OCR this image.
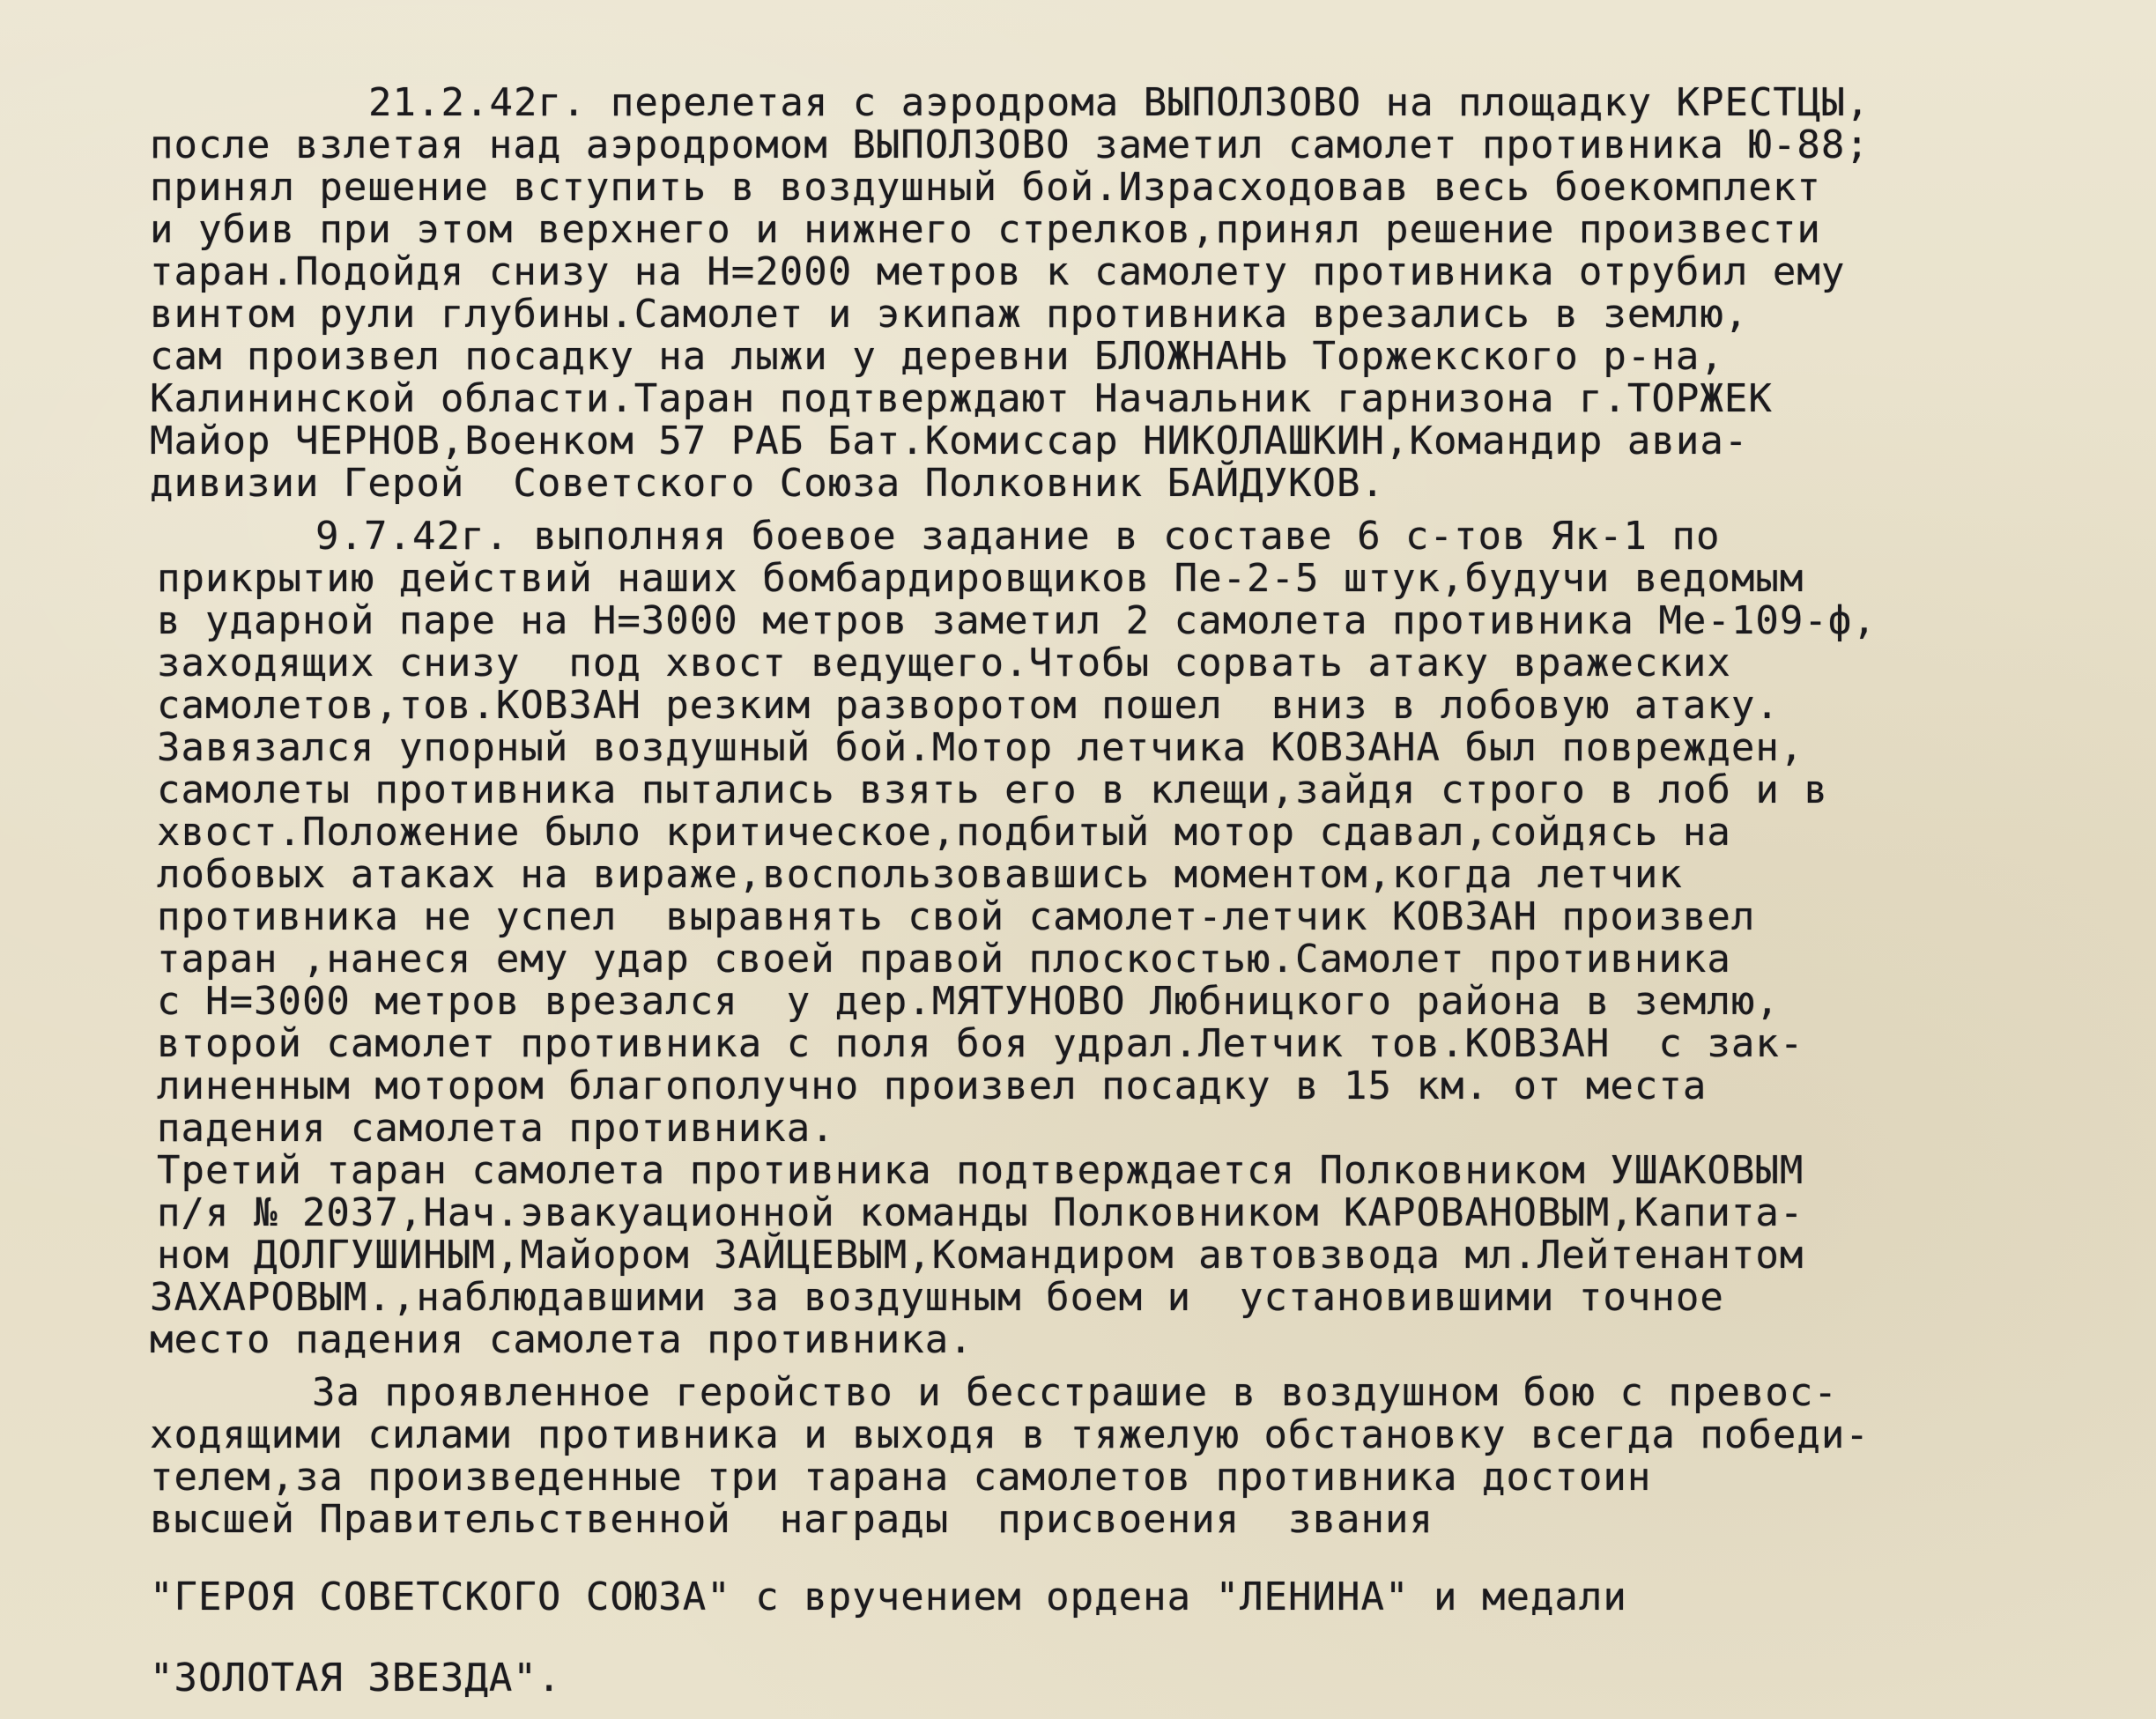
21.2.42г. перелетая с аэродрома ВЫПОЛЗОВО на площадку КРЕСТЦЫ,
после взлетая над аэродромом ВЫПОЛЗОВО заметил самолет противника Ю-88;
принял решение вступить в воздушный бой.Израсходовав весь боекомплект
и убив при этом верхнего и нижнего стрелков,принял решение произвести
таран.Подойдя снизу на Н=2000 метров к самолету противника отрубил ему
винтом рули глубины.Самолет и экипаж противника врезались в землю,
сам произвел посадку на лыжи у деревни БЛОЖНАНЬ Торжекского р-на,
Калининской области.Таран подтверждают Начальник гарнизона г.ТОРЖЕК
Майор ЧЕРНОВ,Военком 57 РАБ Бат.Комиссар НИКОЛАШКИН,Командир авиа-
дивизии Герой  Советского Союза Полковник БАЙДУКОВ.
9.7.42г. выполняя боевое задание в составе 6 с-тов Як-1 по
прикрытию действий наших бомбардировщиков Пе-2-5 штук,будучи ведомым
в ударной паре на Н=3000 метров заметил 2 самолета противника Ме-109-ф,
заходящих снизу  под хвост ведущего.Чтобы сорвать атаку вражеских
самолетов,тов.КОВЗАН резким разворотом пошел  вниз в лобовую атаку.
Завязался упорный воздушный бой.Мотор летчика КОВЗАНА был поврежден,
самолеты противника пытались взять его в клещи,зайдя строго в лоб и в
хвост.Положение было критическое,подбитый мотор сдавал,сойдясь на
лобовых атаках на вираже,воспользовавшись моментом,когда летчик
противника не успел  выравнять свой самолет-летчик КОВЗАН произвел
таран ,нанеся ему удар своей правой плоскостью.Самолет противника
с Н=3000 метров врезался  у дер.МЯТУНОВО Любницкого района в землю,
второй самолет противника с поля боя удрал.Летчик тов.КОВЗАН  с зак-
линенным мотором благополучно произвел посадку в 15 км. от места
падения самолета противника.
Третий таран самолета противника подтверждается Полковником УШАКОВЫМ
п/я № 2037,Нач.эвакуационной команды Полковником КАРОВАНОВЫМ,Капита-
ном ДОЛГУШИНЫМ,Майором ЗАЙЦЕВЫМ,Командиром автовзвода мл.Лейтенантом
ЗАХАРОВЫМ.,наблюдавшими за воздушным боем и  установившими точное
место падения самолета противника.
За проявленное геройство и бесстрашие в воздушном бою с превос-
ходящими силами противника и выходя в тяжелую обстановку всегда победи-
телем,за произведенные три тарана самолетов противника достоин
высшей Правительственной  награды  присвоения  звания
"ГЕРОЯ СОВЕТСКОГО СОЮЗА" с вручением ордена "ЛЕНИНА" и медали
"ЗОЛОТАЯ ЗВЕЗДА".
